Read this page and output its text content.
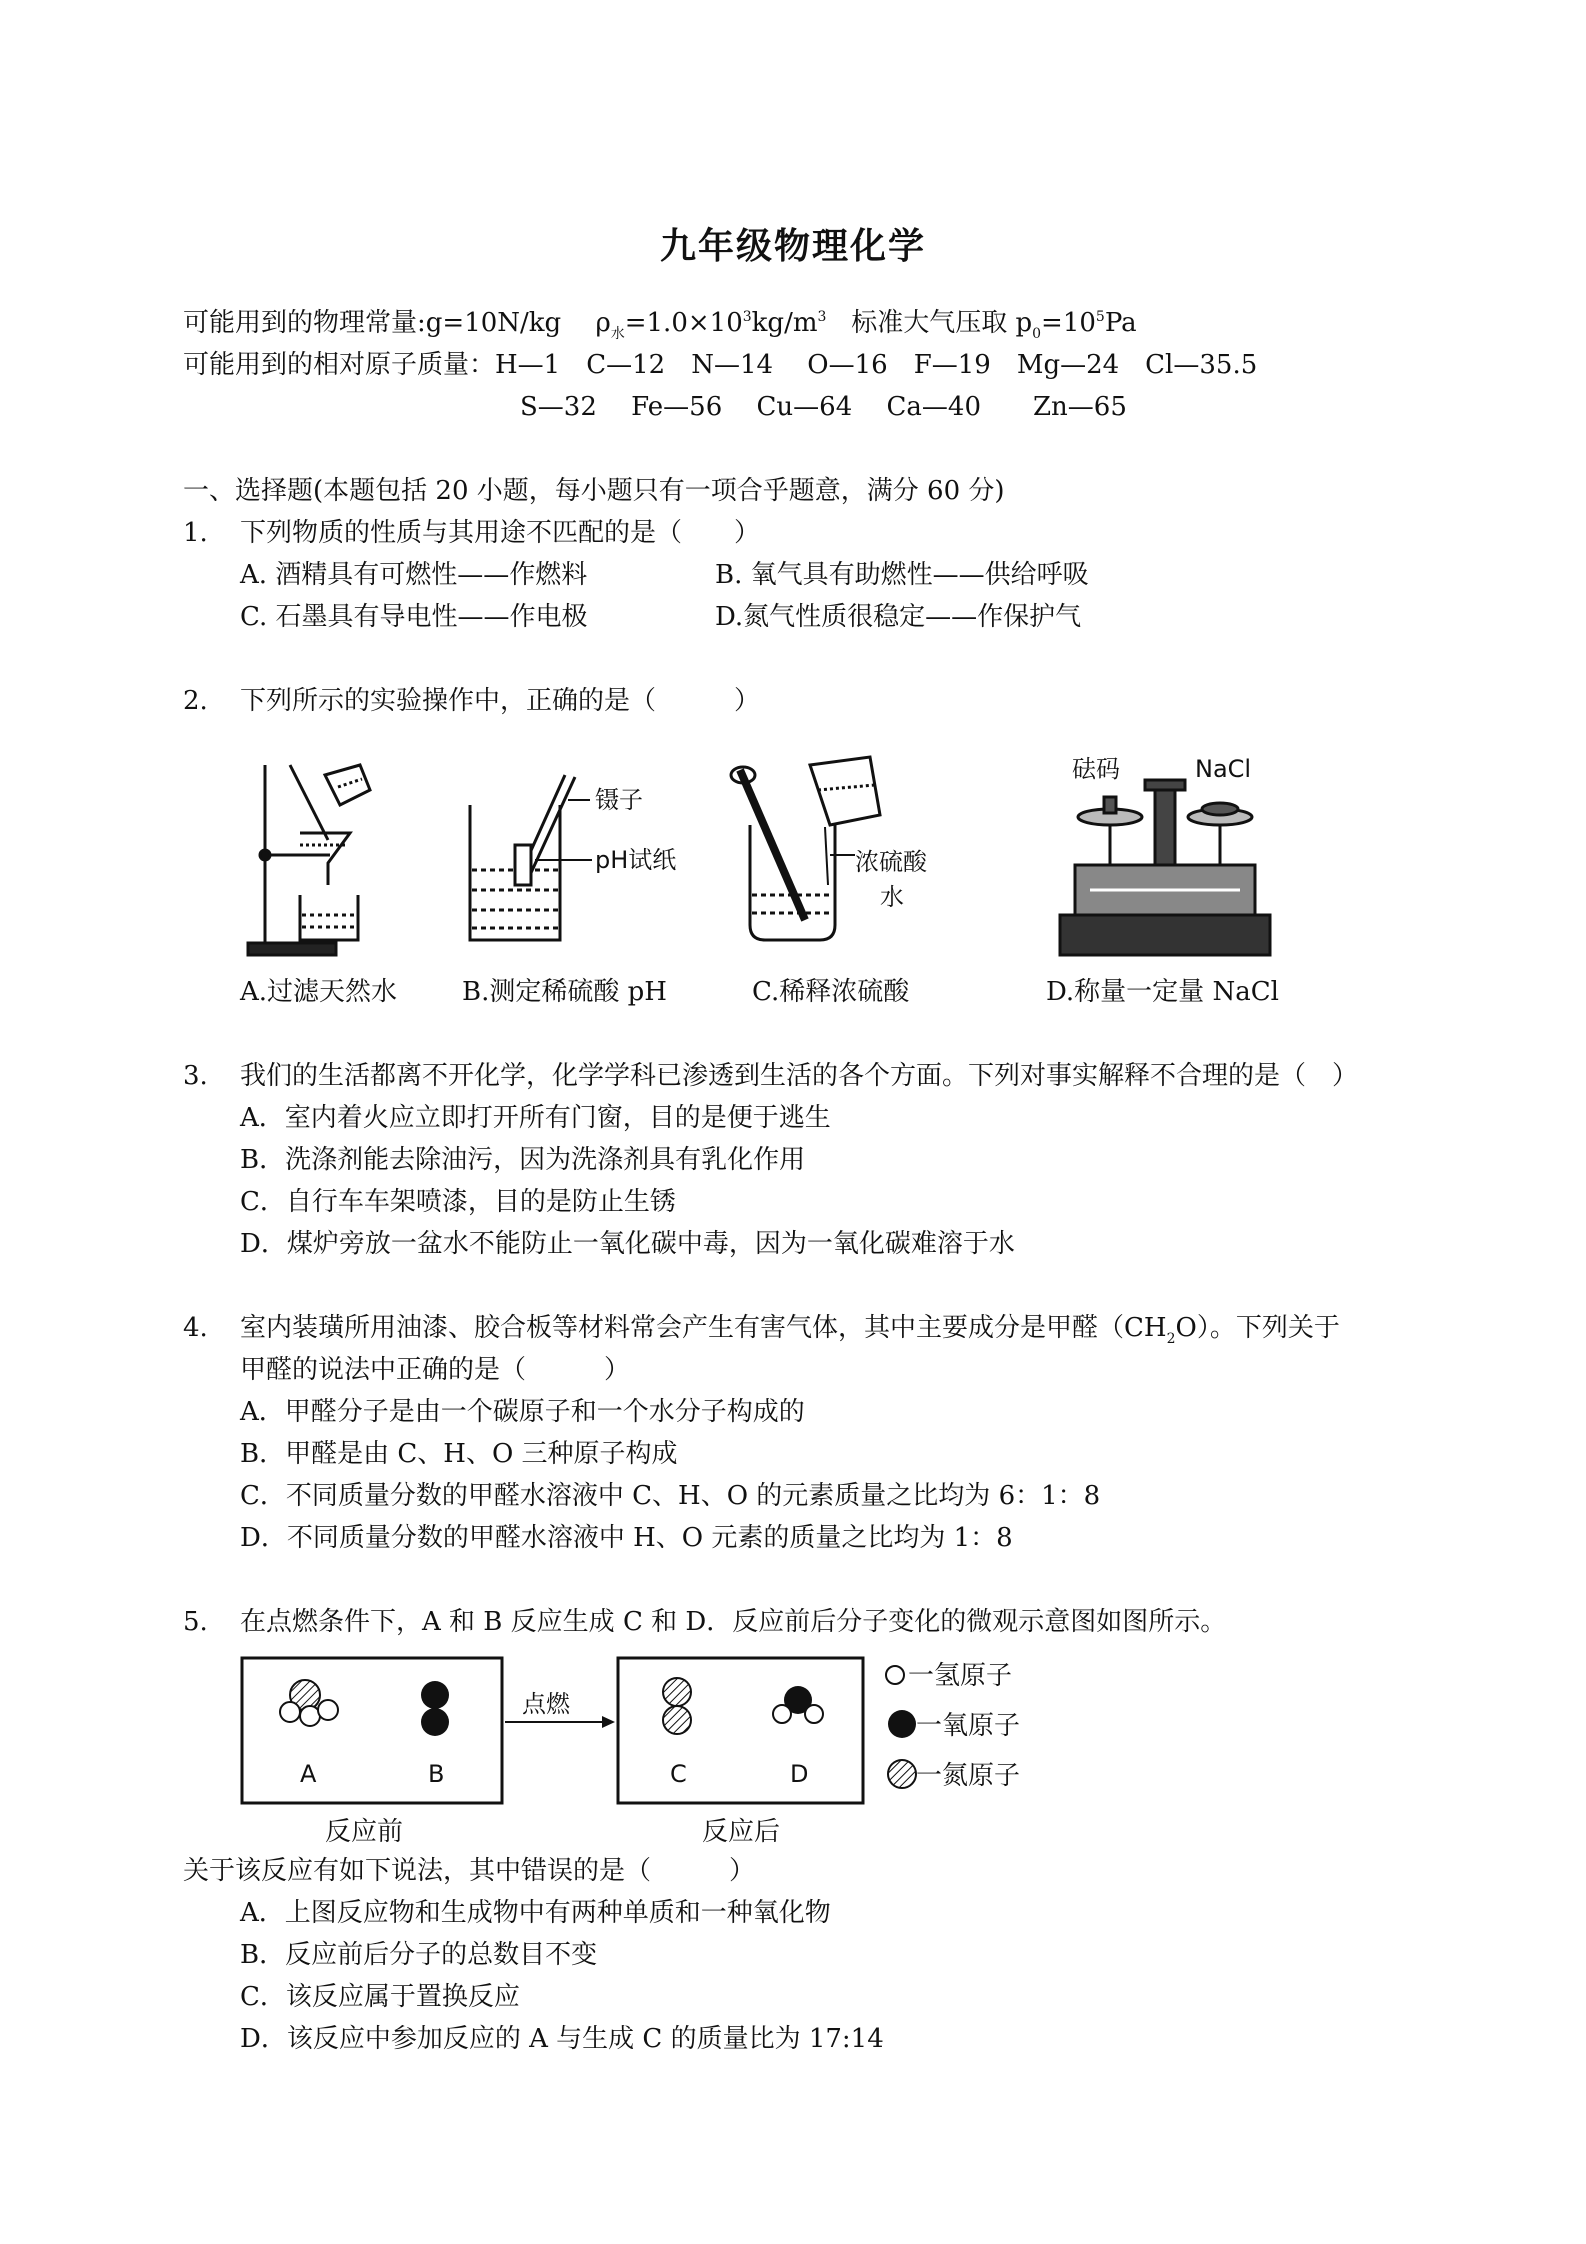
九年级物理化学
可能用到的物理常量:g=10N/kg　 $\rho_水=1.0\times 10^3kg/m^3$ 标准大气压取 $p_0=10^5Pa$
可能用到的相对原子质量：H—1　C—12　N—14　 O—16　F—19　Mg—24　Cl—35.5
S—32　 Fe—56　 Cu—64　 Ca—40　　Zn—65
一、选择题(本题包括 20 小题，每小题只有一项合乎题意，满分 60 分)
1. 下列物质的性质与其用途不匹配的是（　　）
A. 酒精具有可燃性——作燃料	B. 氧气具有助燃性——供给呼吸
C. 石墨具有导电性——作电极	D.氮气性质很稳定——作保护气
2. 下列所示的实验操作中，正确的是（　　　）
镊子
pH试纸	浓硫酸
水
砝码	NaCl
A.过滤天然水 B.测定稀硫酸 pH	C.稀释浓硫酸	D.称量一定量 NaCl
3. 我们的生活都离不开化学，化学学科已渗透到生活的各个方面。下列对事实解释不合理的是（　）
A．室内着火应立即打开所有门窗，目的是便于逃生
B．洗涤剂能去除油污，因为洗涤剂具有乳化作用
C．自行车车架喷漆，目的是防止生锈
D．煤炉旁放一盆水不能防止一氧化碳中毒，因为一氧化碳难溶于水
4. 室内装璜所用油漆、胶合板等材料常会产生有害气体，其中主要成分是甲醛$(CH_2O)$。下列关于
甲醛的说法中正确的是（　　　）
A．甲醛分子是由一个碳原子和一个水分子构成的
B．甲醛是由 C、H、O 三种原子构成
C．不同质量分数的甲醛水溶液中 C、H、O 的元素质量之比均为 6：1：8
D．不同质量分数的甲醛水溶液中 H、O 元素的质量之比均为 1：8
5. 在点燃条件下，A 和 B 反应生成 C 和 D．反应前后分子变化的微观示意图如图所示。
A	B
点燃
C	D
反应前	反应后
一氢原子
一氧原子
一氮原子
关于该反应有如下说法，其中错误的是（　　　）
A．上图反应物和生成物中有两种单质和一种氧化物
B．反应前后分子的总数目不变
C．该反应属于置换反应
D．该反应中参加反应的 A 与生成 C 的质量比为 17:14
